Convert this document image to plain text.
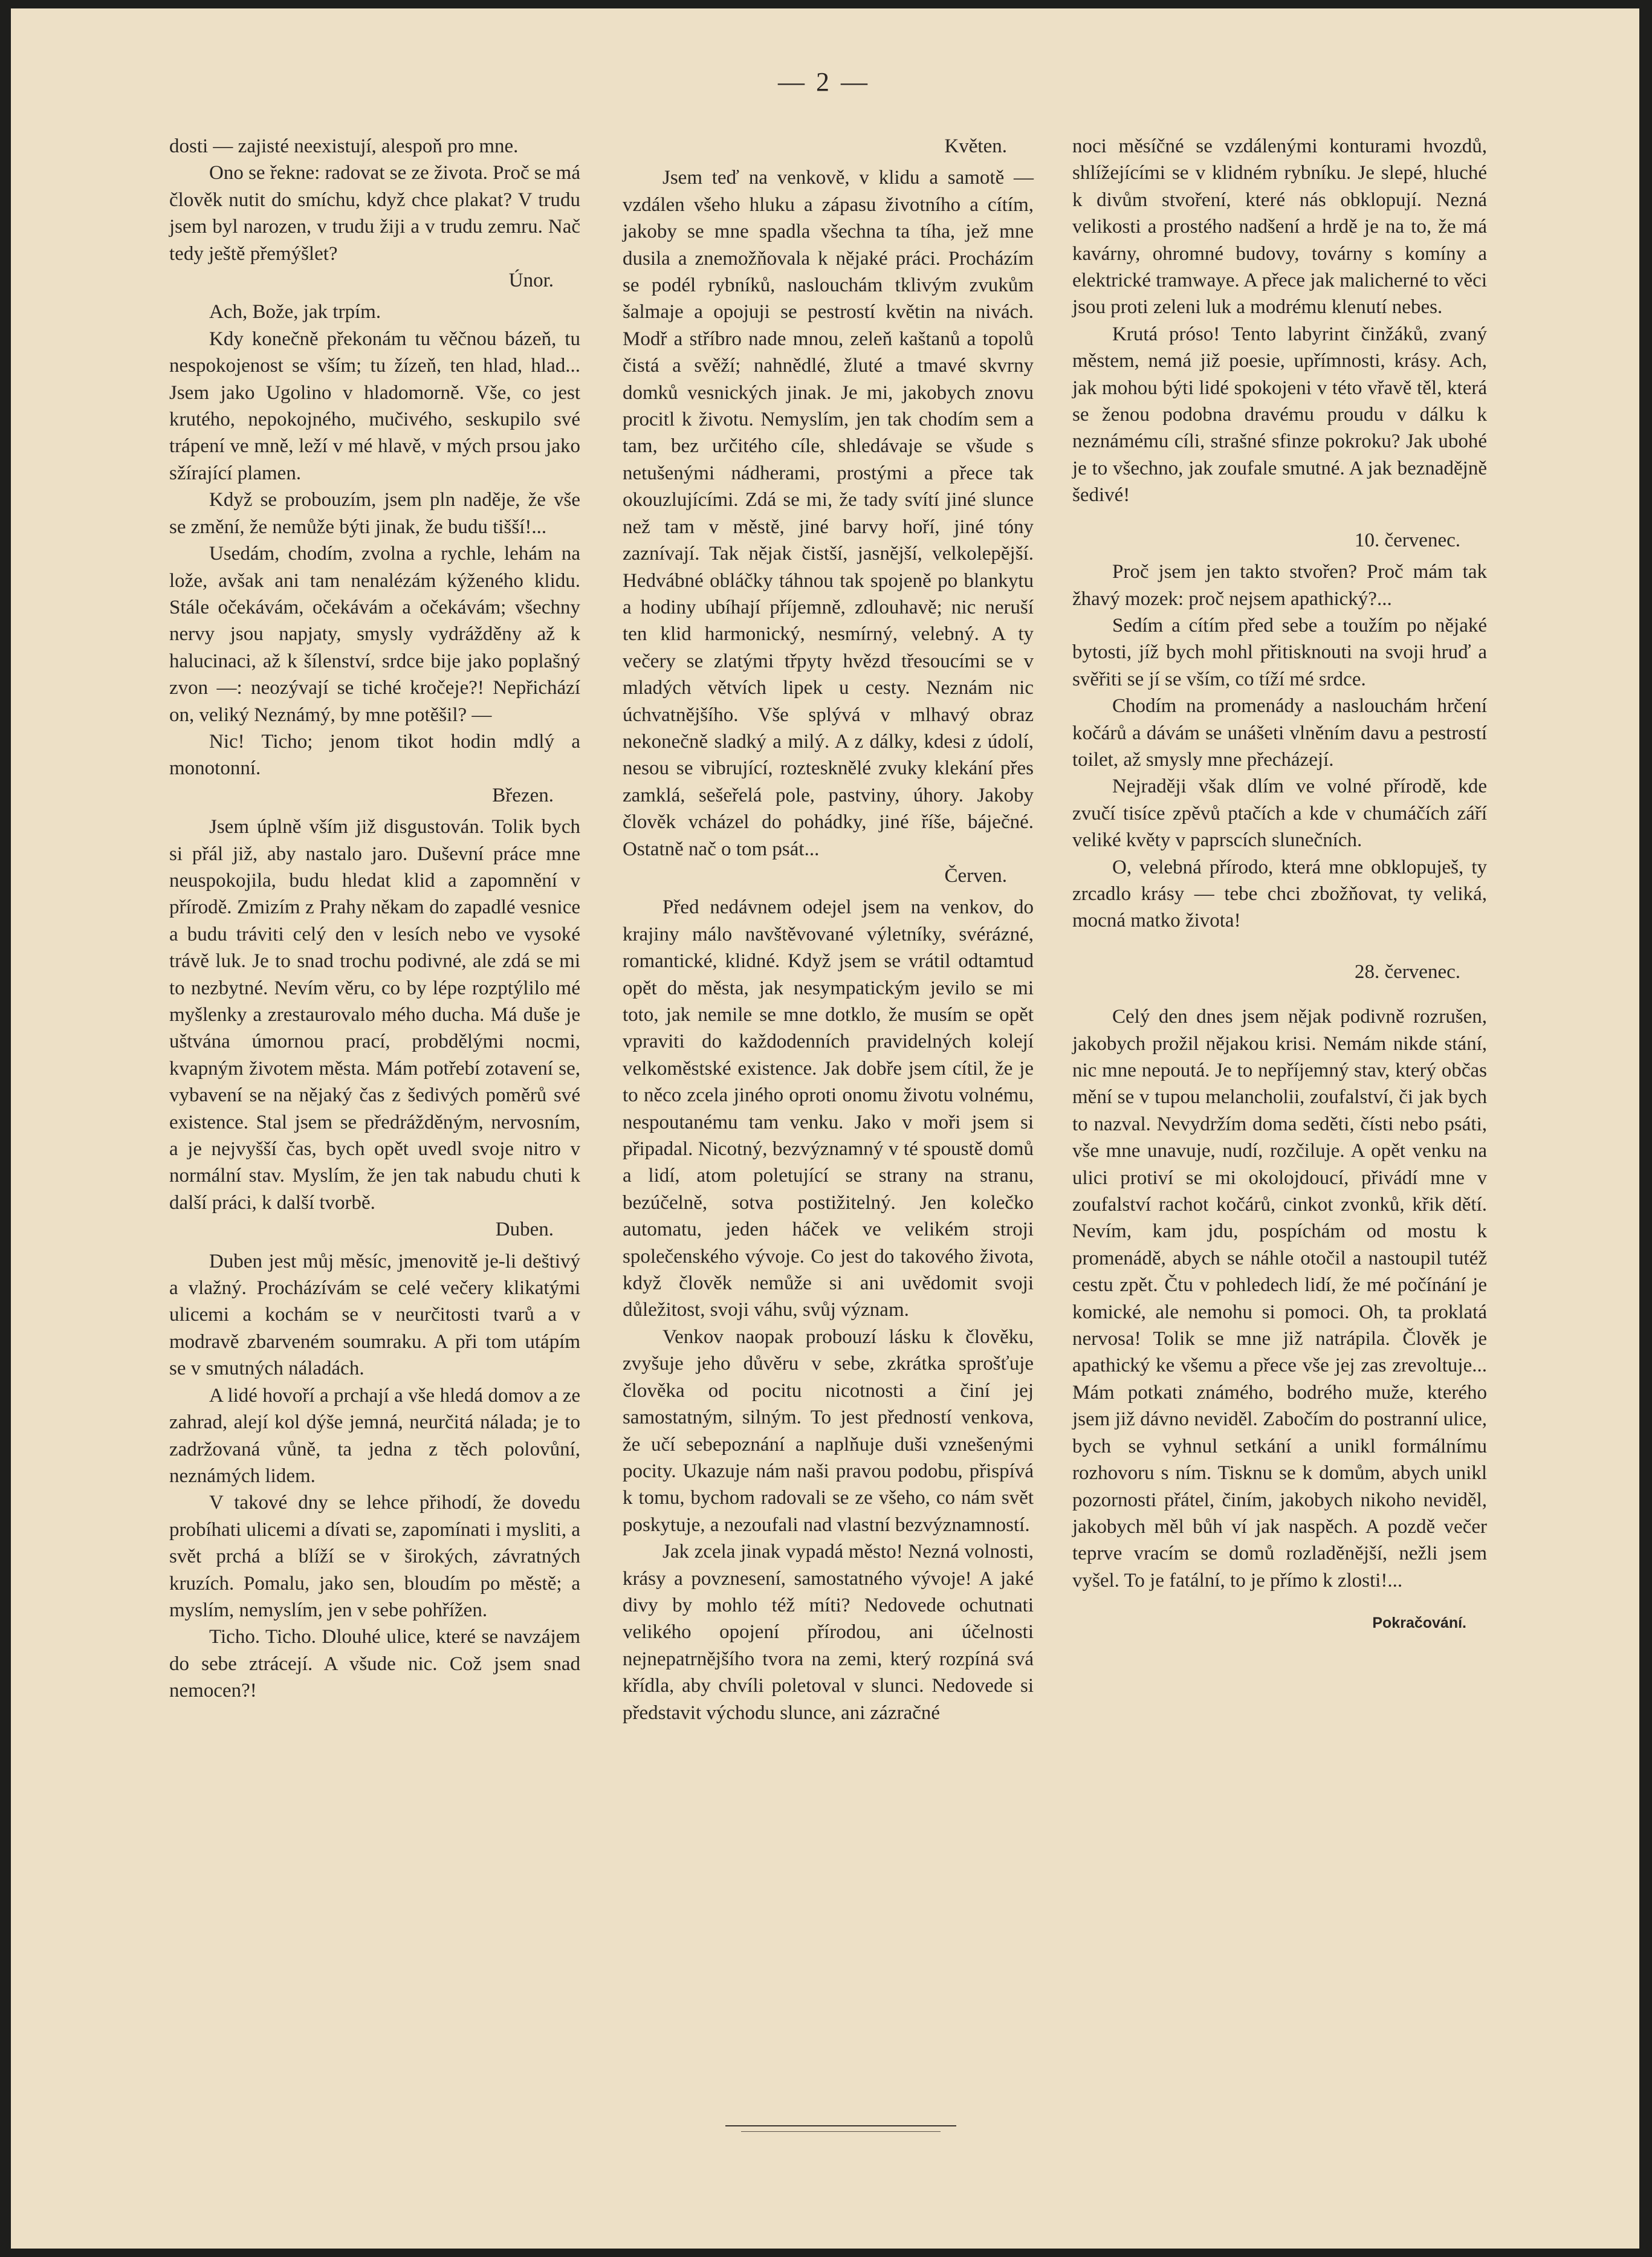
— 2 —

dosti — zajisté neexistují, alespoň pro mne.

Ono se řekne: radovat se ze života. Proč se má člověk nutit do smíchu, když chce plakat? V trudu jsem byl narozen, v trudu žiji a v trudu zemru. Nač tedy ještě přemýšlet?

Únor.

Ach, Bože, jak trpím.

Kdy konečně překonám tu věčnou bázeň, tu nespokojenost se vším; tu žízeň, ten hlad, hlad... Jsem jako Ugolino v hladomorně. Vše, co jest krutého, nepokojného, mučivého, seskupilo své trápení ve mně, leží v mé hlavě, v mých prsou jako sžírající plamen.

Když se probouzím, jsem pln naděje, že vše se změní, že nemůže býti jinak, že budu tišší!...

Usedám, chodím, zvolna a rychle, lehám na lože, avšak ani tam nenalézám kýženého klidu. Stále očekávám, očekávám a očekávám; všechny nervy jsou napjaty, smysly vydrážděny až k halucinaci, až k šílenství, srdce bije jako poplašný zvon —: neozývají se tiché kročeje?! Nepřichází on, veliký Neznámý, by mne potěšil? —

Nic! Ticho; jenom tikot hodin mdlý a monotonní.

Březen.

Jsem úplně vším již disgustován. Tolik bych si přál již, aby nastalo jaro. Duševní práce mne neuspokojila, budu hledat klid a zapomnění v přírodě. Zmizím z Prahy někam do zapadlé vesnice a budu tráviti celý den v lesích nebo ve vysoké trávě luk. Je to snad trochu podivné, ale zdá se mi to nezbytné. Nevím věru, co by lépe rozptýlilo mé myšlenky a zrestaurovalo mého ducha. Má duše je uštvána úmornou prací, probdělými nocmi, kvapným životem města. Mám potřebí zotavení se, vybavení se na nějaký čas z šedivých poměrů své existence. Stal jsem se předrážděným, nervosním, a je nejvyšší čas, bych opět uvedl svoje nitro v normální stav. Myslím, že jen tak nabudu chuti k další práci, k další tvorbě.

Duben.

Duben jest můj měsíc, jmenovitě je-li deštivý a vlažný. Procházívám se celé večery klikatými ulicemi a kochám se v neurčitosti tvarů a v modravě zbarveném soumraku. A při tom utápím se v smutných náladách.

A lidé hovoří a prchají a vše hledá domov a ze zahrad, alejí kol dýše jemná, neurčitá nálada; je to zadržovaná vůně, ta jedna z těch polovůní, neznámých lidem.

V takové dny se lehce přihodí, že dovedu probíhati ulicemi a dívati se, zapomínati i mysliti, a svět prchá a blíží se v širokých, závratných kruzích. Pomalu, jako sen, bloudím po městě; a myslím, nemyslím, jen v sebe pohřížen.

Ticho. Ticho. Dlouhé ulice, které se navzájem do sebe ztrácejí. A všude nic. Což jsem snad nemocen?!

Květen.

Jsem teď na venkově, v klidu a samotě — vzdálen všeho hluku a zápasu životního a cítím, jakoby se mne spadla všechna ta tíha, jež mne dusila a znemožňovala k nějaké práci. Procházím se podél rybníků, naslouchám tklivým zvukům šalmaje a opojuji se pestrostí květin na nivách. Modř a stříbro nade mnou, zeleň kaštanů a topolů čistá a svěží; nahnědlé, žluté a tmavé skvrny domků vesnických jinak. Je mi, jakobych znovu procitl k životu. Nemyslím, jen tak chodím sem a tam, bez určitého cíle, shledávaje se všude s netušenými nádherami, prostými a přece tak okouzlujícími. Zdá se mi, že tady svítí jiné slunce než tam v městě, jiné barvy hoří, jiné tóny zaznívají. Tak nějak čistší, jasnější, velkolepější. Hedvábné obláčky táhnou tak spojeně po blankytu a hodiny ubíhají příjemně, zdlouhavě; nic neruší ten klid harmonický, nesmírný, velebný. A ty večery se zlatými třpyty hvězd třesoucími se v mladých větvích lipek u cesty. Neznám nic úchvatnějšího. Vše splývá v mlhavý obraz nekonečně sladký a milý. A z dálky, kdesi z údolí, nesou se vibrující, roztesknělé zvuky klekání přes zamklá, sešeřelá pole, pastviny, úhory. Jakoby člověk vcházel do pohádky, jiné říše, báječné. Ostatně nač o tom psát...

Červen.

Před nedávnem odejel jsem na venkov, do krajiny málo navštěvované výletníky, svérázné, romantické, klidné. Když jsem se vrátil odtamtud opět do města, jak nesympatickým jevilo se mi toto, jak nemile se mne dotklo, že musím se opět vpraviti do každodenních pravidelných kolejí velkoměstské existence. Jak dobře jsem cítil, že je to něco zcela jiného oproti onomu životu volnému, nespoutanému tam venku. Jako v moři jsem si připadal. Nicotný, bezvýznamný v té spoustě domů a lidí, atom poletující se strany na stranu, bezúčelně, sotva postižitelný. Jen kolečko automatu, jeden háček ve velikém stroji společenského vývoje. Co jest do takového života, když člověk nemůže si ani uvědomit svoji důležitost, svoji váhu, svůj význam.

Venkov naopak probouzí lásku k člověku, zvyšuje jeho důvěru v sebe, zkrátka sprošťuje člověka od pocitu nicotnosti a činí jej samostatným, silným. To jest předností venkova, že učí sebepoznání a naplňuje duši vznešenými pocity. Ukazuje nám naši pravou podobu, přispívá k tomu, bychom radovali se ze všeho, co nám svět poskytuje, a nezoufali nad vlastní bezvýznamností.

Jak zcela jinak vypadá město! Nezná volnosti, krásy a povznesení, samostatného vývoje! A jaké divy by mohlo též míti? Nedovede ochutnati velikého opojení přírodou, ani účelnosti nejnepatrnějšího tvora na zemi, který rozpíná svá křídla, aby chvíli poletoval v slunci. Nedovede si představit východu slunce, ani zázračné

noci měsíčné se vzdálenými konturami hvozdů, shlížejícími se v klidném rybníku. Je slepé, hluché k divům stvoření, které nás obklopují. Nezná velikosti a prostého nadšení a hrdě je na to, že má kavárny, ohromné budovy, továrny s komíny a elektrické tramwaye. A přece jak malicherné to věci jsou proti zeleni luk a modrému klenutí nebes.

Krutá próso! Tento labyrint činžáků, zvaný městem, nemá již poesie, upřímnosti, krásy. Ach, jak mohou býti lidé spokojeni v této vřavě těl, která se ženou podobna dravému proudu v dálku k neznámému cíli, strašné sfinze pokroku? Jak ubohé je to všechno, jak zoufale smutné. A jak beznadějně šedivé!

10. červenec.

Proč jsem jen takto stvořen? Proč mám tak žhavý mozek: proč nejsem apathický?...

Sedím a cítím před sebe a toužím po nějaké bytosti, jíž bych mohl přitisknouti na svoji hruď a svěřiti se jí se vším, co tíží mé srdce.

Chodím na promenády a naslouchám hrčení kočárů a dávám se unášeti vlněním davu a pestrostí toilet, až smysly mne přecházejí.

Nejraději však dlím ve volné přírodě, kde zvučí tisíce zpěvů ptačích a kde v chumáčích září veliké květy v paprscích slunečních.

O, velebná přírodo, která mne obklopuješ, ty zrcadlo krásy — tebe chci zbožňovat, ty veliká, mocná matko života!

28. červenec.

Celý den dnes jsem nějak podivně rozrušen, jakobych prožil nějakou krisi. Nemám nikde stání, nic mne nepoutá. Je to nepříjemný stav, který občas mění se v tupou melancholii, zoufalství, či jak bych to nazval. Nevydržím doma seděti, čísti nebo psáti, vše mne unavuje, nudí, rozčiluje. A opět venku na ulici protiví se mi okolojdoucí, přivádí mne v zoufalství rachot kočárů, cinkot zvonků, křik dětí. Nevím, kam jdu, pospíchám od mostu k promenádě, abych se náhle otočil a nastoupil tutéž cestu zpět. Čtu v pohledech lidí, že mé počínání je komické, ale nemohu si pomoci. Oh, ta proklatá nervosa! Tolik se mne již natrápila. Člověk je apathický ke všemu a přece vše jej zas zrevoltuje... Mám potkati známého, bodrého muže, kterého jsem již dávno neviděl. Zabočím do postranní ulice, bych se vyhnul setkání a unikl formálnímu rozhovoru s ním. Tisknu se k domům, abych unikl pozornosti přátel, činím, jakobych nikoho neviděl, jakobych měl bůh ví jak naspěch. A pozdě večer teprve vracím se domů rozladěnější, nežli jsem vyšel. To je fatální, to je přímo k zlosti!...

Pokračování.
